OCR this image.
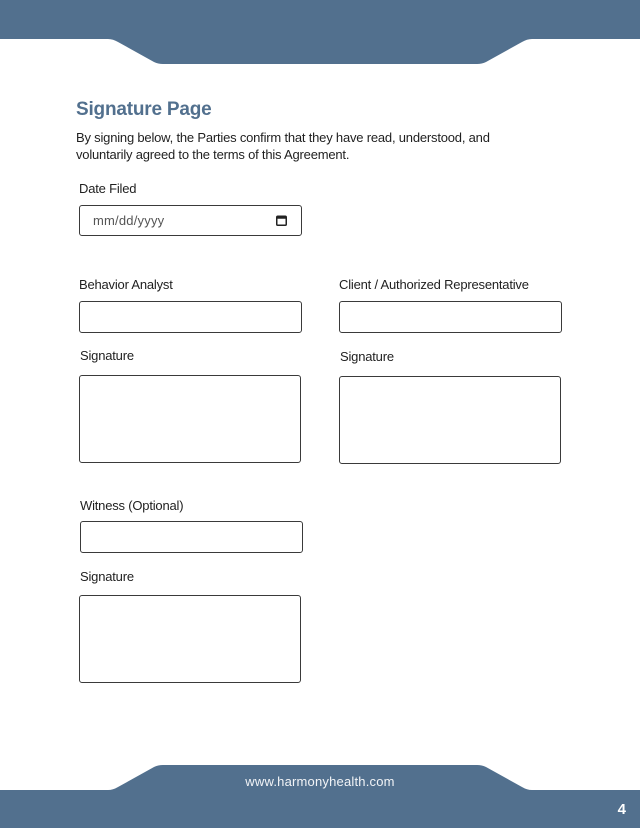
Signature Page
By signing below, the Parties confirm that they have read, understood, and voluntarily agreed to the terms of this Agreement.
Date Filed
mm/dd/yyyy
Behavior Analyst
Signature
Client / Authorized Representative
Signature
Witness (Optional)
Signature
www.harmonyhealth.com
4
